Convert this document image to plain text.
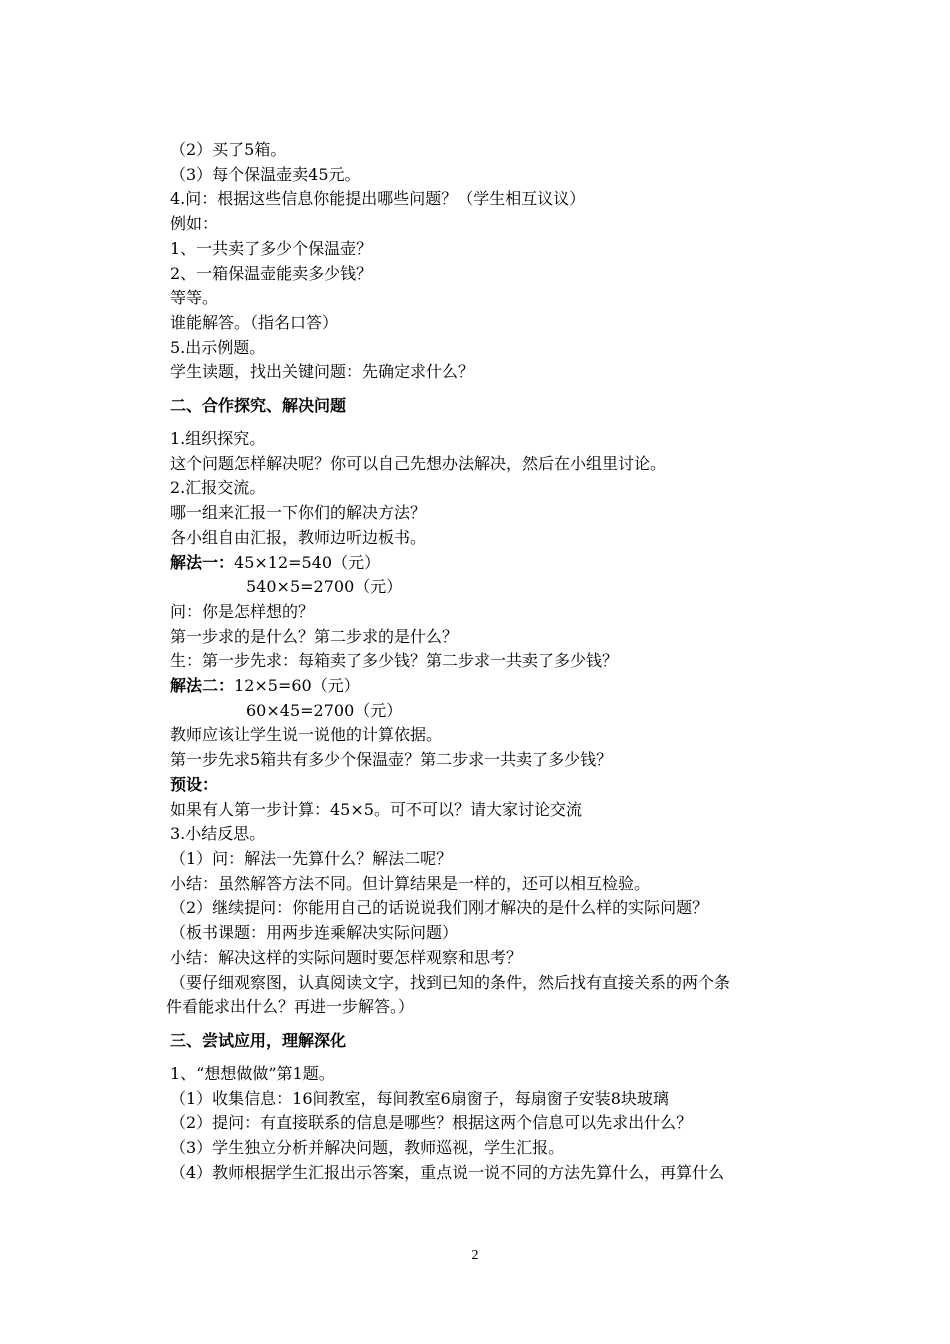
（2）买了5箱。

（3）每个保温壶卖45元。

4.问：根据这些信息你能提出哪些问题？（学生相互议议）

例如：

1、一共卖了多少个保温壶？

2、一箱保温壶能卖多少钱？

等等。

谁能解答。（指名口答）

5.出示例题。

学生读题，找出关键问题：先确定求什么？

二、合作探究、解决问题

1.组织探究。

这个问题怎样解决呢？你可以自己先想办法解决，然后在小组里讨论。

2.汇报交流。

哪一组来汇报一下你们的解决方法？

各小组自由汇报，教师边听边板书。

解法一：45×12=540（元）

540×5=2700（元）

问：你是怎样想的？

第一步求的是什么？第二步求的是什么？

生：第一步先求：每箱卖了多少钱？第二步求一共卖了多少钱？

解法二：12×5=60（元）

60×45=2700（元）

教师应该让学生说一说他的计算依据。

第一步先求5箱共有多少个保温壶？第二步求一共卖了多少钱？

预设：

如果有人第一步计算：45×5。可不可以？请大家讨论交流

3.小结反思。

（1）问：解法一先算什么？解法二呢？

小结：虽然解答方法不同。但计算结果是一样的，还可以相互检验。

（2）继续提问：你能用自己的话说说我们刚才解决的是什么样的实际问题？

（板书课题：用两步连乘解决实际问题）

小结：解决这样的实际问题时要怎样观察和思考？

（要仔细观察图，认真阅读文字，找到已知的条件，然后找有直接关系的两个条

件看能求出什么？再进一步解答。）

三、尝试应用，理解深化

1、“想想做做”第1题。

（1）收集信息：16间教室，每间教室6扇窗子，每扇窗子安装8块玻璃

（2）提问：有直接联系的信息是哪些？根据这两个信息可以先求出什么？

（3）学生独立分析并解决问题，教师巡视，学生汇报。

（4）教师根据学生汇报出示答案，重点说一说不同的方法先算什么，再算什么

2
